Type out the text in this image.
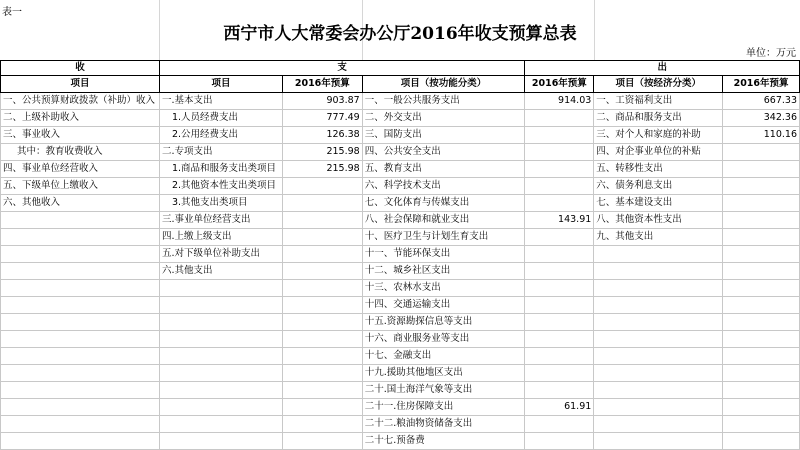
表一
西宁市人大常委会办公厅2016年收支预算总表
单位：万元
收	支			出		
项目	项目	2016年预算	项目（按功能分类）	2016年预算	项目（按经济分类）	2016年预算
一、公共预算财政拨款（补助）收入	一.基本支出	903.87	一、一般公共服务支出	914.03	一、工资福利支出	667.33
二、上级补助收入	1.人员经费支出	777.49	二、外交支出		二、商品和服务支出	342.36
三、事业收入	2.公用经费支出	126.38	三、国防支出		三、对个人和家庭的补助	110.16
其中：教育收费收入	二.专项支出	215.98	四、公共安全支出		四、对企事业单位的补贴	
四、事业单位经营收入	1.商品和服务支出类项目	215.98	五、教育支出		五、转移性支出	
五、下级单位上缴收入	2.其他资本性支出类项目		六、科学技术支出		六、债务利息支出	
六、其他收入	3.其他支出类项目		七、文化体育与传媒支出		七、基本建设支出	
	三.事业单位经营支出		八、社会保障和就业支出	143.91	八、其他资本性支出	
	四.上缴上级支出		十、医疗卫生与计划生育支出		九、其他支出	
	五.对下级单位补助支出		十一、节能环保支出			
	六.其他支出		十二、城乡社区支出			
			十三、农林水支出			
			十四、交通运输支出			
			十五.资源勘探信息等支出			
			十六、商业服务业等支出			
			十七、金融支出			
			十九.援助其他地区支出			
			二十.国土海洋气象等支出			
			二十一.住房保障支出	61.91		
			二十二.粮油物资储备支出			
			二十七.预备费			
